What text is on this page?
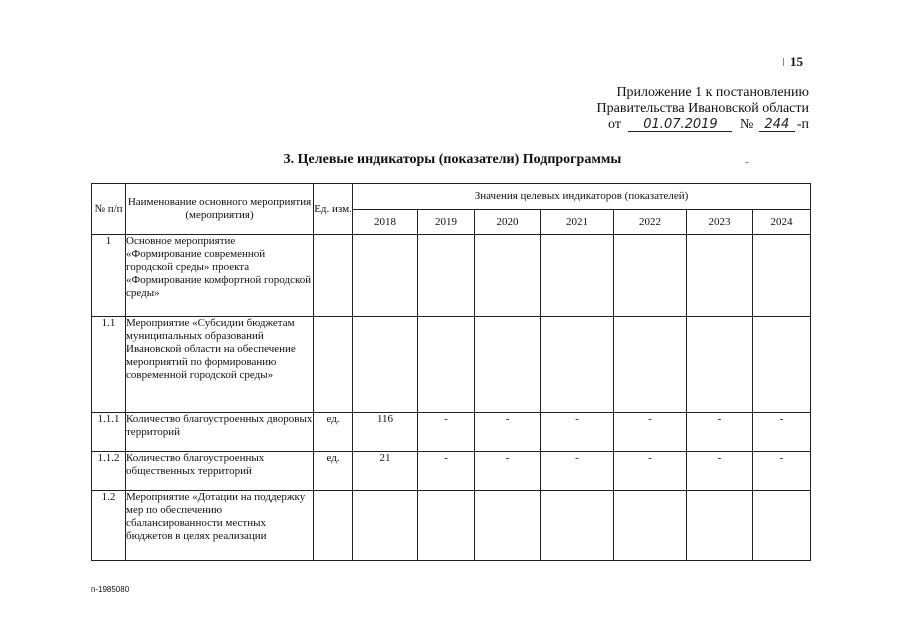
15
Приложение 1 к постановлению
Правительства Ивановской области
от 01.07.2019 № 244 -п
3. Целевые индикаторы (показатели) Подпрограммы
№ п/п	Наименование основного мероприятия (мероприятия)	Ед. изм.	Значения целевых индикаторов (показателей)						
			2018	2019	2020	2021	2022	2023	2024
1	Основное мероприятие «Формирование современной городской среды» проекта «Формирование комфортной городской среды»								
1.1	Мероприятие «Субсидии бюджетам муниципальных образований Ивановской области на обеспечение мероприятий по формированию современной городской среды»								
1.1.1	Количество благоустроенных дворовых территорий	ед.	116	-	-	-	-	-	-
1.1.2	Количество благоустроенных общественных территорий	ед.	21	-	-	-	-	-	-
1.2	Мероприятие «Дотации на поддержку мер по обеспечению сбалансированности местных бюджетов в целях реализации								
п-1985080
